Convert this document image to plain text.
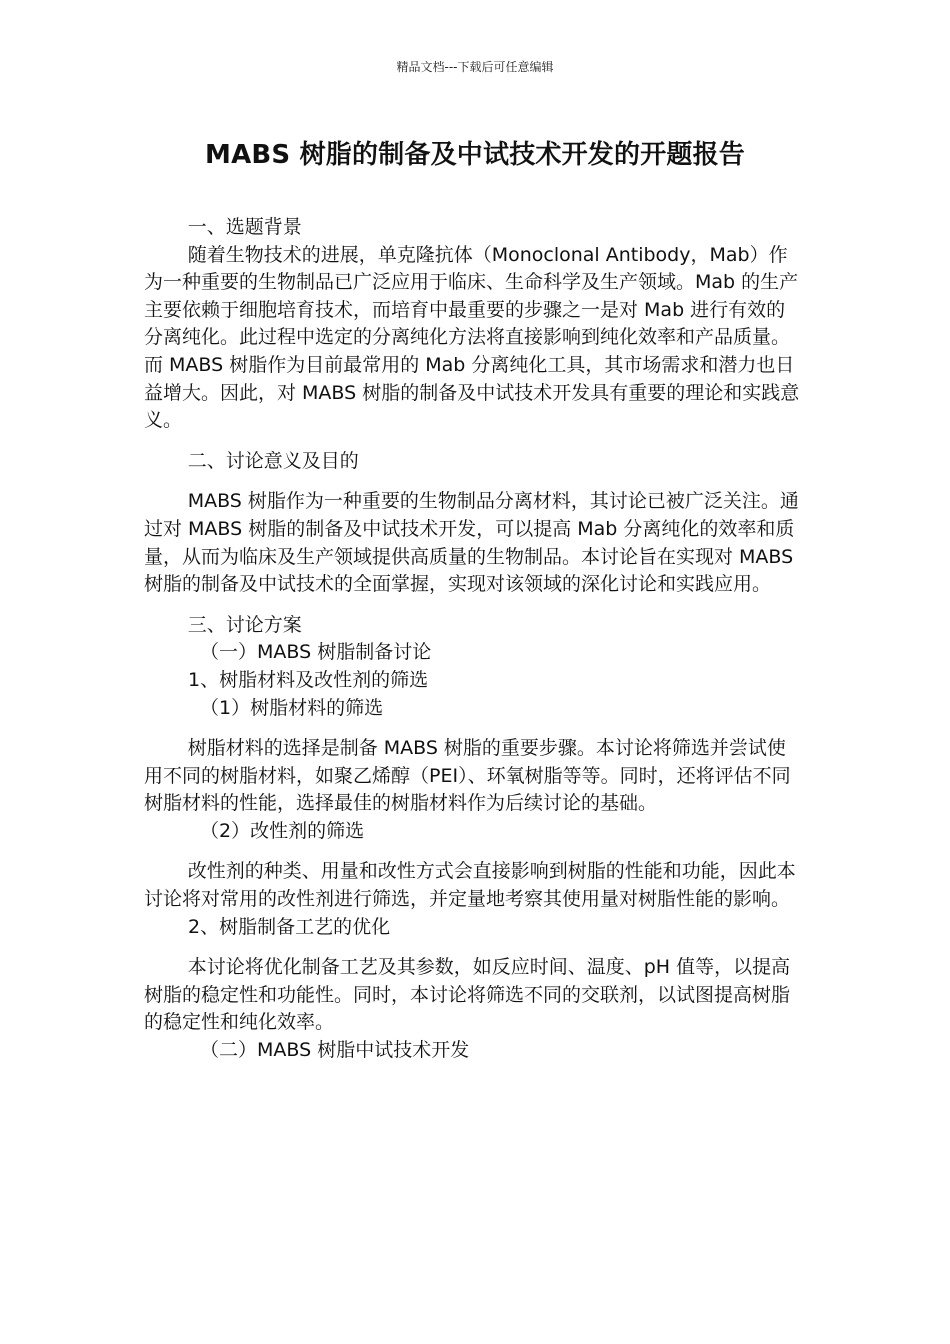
精品文档---下载后可任意编辑
MABS 树脂的制备及中试技术开发的开题报告

一、选题背景

随着生物技术的进展，单克隆抗体（Monoclonal Antibody，Mab）作为一种重要的生物制品已广泛应用于临床、生命科学及生产领域。Mab 的生产主要依赖于细胞培育技术，而培育中最重要的步骤之一是对 Mab 进行有效的分离纯化。此过程中选定的分离纯化方法将直接影响到纯化效率和产品质量。而 MABS 树脂作为目前最常用的 Mab 分离纯化工具，其市场需求和潜力也日益增大。因此，对 MABS 树脂的制备及中试技术开发具有重要的理论和实践意义。

二、讨论意义及目的

MABS 树脂作为一种重要的生物制品分离材料，其讨论已被广泛关注。通过对 MABS 树脂的制备及中试技术开发，可以提高 Mab 分离纯化的效率和质量，从而为临床及生产领域提供高质量的生物制品。本讨论旨在实现对 MABS 树脂的制备及中试技术的全面掌握，实现对该领域的深化讨论和实践应用。

三、讨论方案

（一）MABS 树脂制备讨论

1、树脂材料及改性剂的筛选

（1）树脂材料的筛选

树脂材料的选择是制备 MABS 树脂的重要步骤。本讨论将筛选并尝试使用不同的树脂材料，如聚乙烯醇（PEI）、环氧树脂等等。同时，还将评估不同树脂材料的性能，选择最佳的树脂材料作为后续讨论的基础。

（2）改性剂的筛选

改性剂的种类、用量和改性方式会直接影响到树脂的性能和功能，因此本讨论将对常用的改性剂进行筛选，并定量地考察其使用量对树脂性能的影响。

2、树脂制备工艺的优化

本讨论将优化制备工艺及其参数，如反应时间、温度、pH 值等，以提高树脂的稳定性和功能性。同时，本讨论将筛选不同的交联剂，以试图提高树脂的稳定性和纯化效率。

（二）MABS 树脂中试技术开发
